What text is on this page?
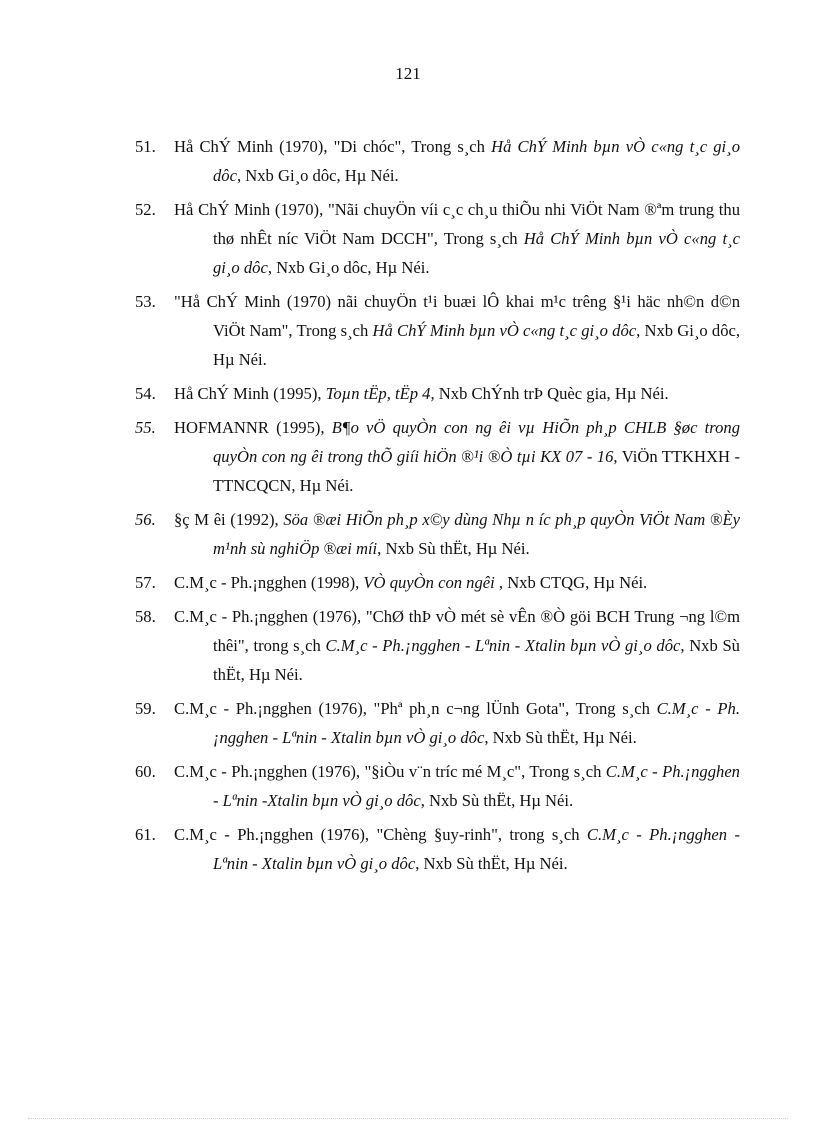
121
51. Hå ChÝ Minh (1970), "Di chóc", Trong s¸ch Hå ChÝ Minh bµn vÒ c«ng t¸c gi¸o dôc, Nxb Gi¸o dôc, Hµ Néi.
52. Hå ChÝ Minh (1970), "Nãi chuyÖn víi c¸c ch¸u thiÕu nhi ViÖt Nam ®ªm trung thu thø nhÊt níc ViÖt Nam DCCH", Trong s¸ch Hå ChÝ Minh bµn vÒ c«ng t¸c gi¸o dôc, Nxb Gi¸o dôc, Hµ Néi.
53. "Hå ChÝ Minh (1970) nãi chuyÖn t¹i buæi lÔ khai m¹c trêng §¹i häc nh©n d©n ViÖt Nam", Trong s¸ch Hå ChÝ Minh bµn vÒ c«ng t¸c gi¸o dôc, Nxb Gi¸o dôc, Hµ Néi.
54. Hå ChÝ Minh (1995), Toµn tËp, tËp 4, Nxb ChÝnh trÞ Quèc gia, Hµ Néi.
55. HOFMANNR (1995), B¶o vÖ quyÒn con ng êi vµ HiÕn ph¸p CHLB §øc trong quyÒn con ng êi trong thÕ giíi hiÖn ®¹i ®Ò tµi KX 07 - 16, ViÖn TTKHXH - TTNCQCN, Hµ Néi.
56. §ç M êi (1992), Söa ®æi HiÕn ph¸p x©y dùng Nhµ n íc ph¸p quyÒn ViÖt Nam ®Èy m¹nh sù nghiÖp ®æi míi, Nxb Sù thËt, Hµ Néi.
57. C.M¸c - Ph.¡ngghen (1998), VÒ quyÒn con ngêi , Nxb CTQG, Hµ Néi.
58. C.M¸c - Ph.¡ngghen (1976), "ChØ thÞ vÒ mét sè vÊn ®Ò göi BCH Trung ¬ng l©m thêi", trong s¸ch C.M¸c - Ph.¡ngghen - Lªnin - Xtalin bµn vÒ gi¸o dôc, Nxb Sù thËt, Hµ Néi.
59. C.M¸c - Ph.¡ngghen (1976), "Phª ph¸n c¬ng lÜnh Gota", Trong s¸ch C.M¸c - Ph.¡ngghen - Lªnin - Xtalin bµn vÒ gi¸o dôc, Nxb Sù thËt, Hµ Néi.
60. C.M¸c - Ph.¡ngghen (1976), "§iÒu v¨n tríc mé M¸c", Trong s¸ch C.M¸c - Ph.¡ngghen - Lªnin -Xtalin bµn vÒ gi¸o dôc, Nxb Sù thËt, Hµ Néi.
61. C.M¸c - Ph.¡ngghen (1976), "Chèng §uy-rinh", trong s¸ch C.M¸c - Ph.¡ngghen - Lªnin - Xtalin bµn vÒ gi¸o dôc, Nxb Sù thËt, Hµ Néi.
